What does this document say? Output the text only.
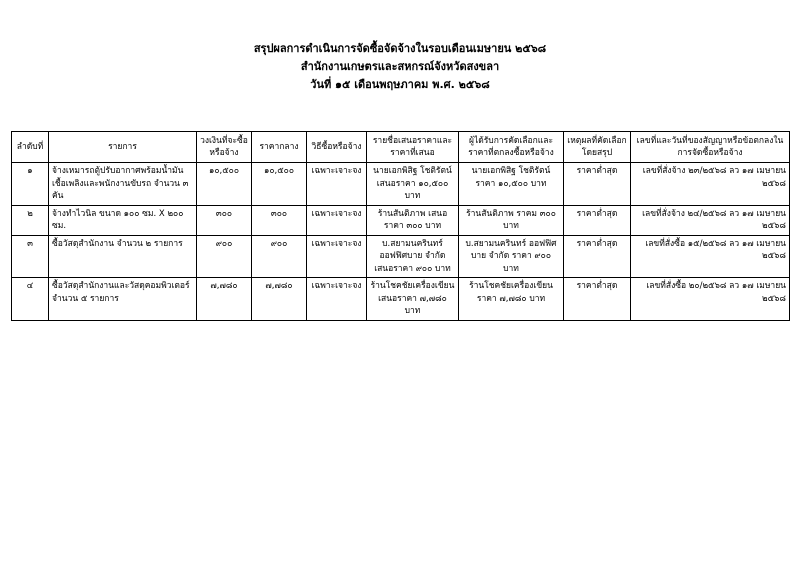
สรุปผลการดำเนินการจัดซื้อจัดจ้างในรอบเดือนเมษายน ๒๕๖๘
สำนักงานเกษตรและสหกรณ์จังหวัดสงขลา
วันที่ ๑๕ เดือนพฤษภาคม พ.ศ. ๒๕๖๘
ลำดับที่	รายการ	วงเงินที่จะซื้อหรือจ้าง	ราคากลาง	วิธีซื้อหรือจ้าง	รายชื่อเสนอราคาและราคาที่เสนอ	ผู้ได้รับการคัดเลือกและราคาที่ตกลงซื้อหรือจ้าง	เหตุผลที่คัดเลือกโดยสรุป	เลขที่และวันที่ของสัญญาหรือข้อตกลงในการจัดซื้อหรือจ้าง
๑	จ้างเหมารถตู้ปรับอากาศพร้อมน้ำมันเชื้อเพลิงและพนักงานขับรถ จำนวน ๓ คัน	๑๐,๕๐๐	๑๐,๕๐๐	เฉพาะเจาะจง	นายเอกพิสิฐ โชติรัตน์ เสนอราคา ๑๐,๕๐๐ บาท	นายเอกพิสิฐ โชติรัตน์ ราคา ๑๐,๕๐๐ บาท	ราคาต่ำสุด	เลขที่สั่งจ้าง ๒๓/๒๕๖๘ ลว ๑๗ เมษายน ๒๕๖๘
๒	จ้างทำไวนิล ขนาด ๑๐๐ ซม. X ๒๐๐ ซม.	๓๐๐	๓๐๐	เฉพาะเจาะจง	ร้านสันติภาพ เสนอราคา ๓๐๐ บาท	ร้านสันติภาพ ราคม ๓๐๐ บาท	ราคาต่ำสุด	เลขที่สั่งจ้าง ๒๔/๒๕๖๘ ลว ๑๗ เมษายน ๒๕๖๘
๓	ซื้อวัสดุสำนักงาน จำนวน ๒ รายการ	๙๐๐	๙๐๐	เฉพาะเจาะจง	บ.สยามนครินทร์ ออฟฟิศบาย จำกัด เสนอราคา ๙๐๐ บาท	บ.สยามนครินทร์ ออฟฟิศบาย จำกัด ราคา ๙๐๐ บาท	ราคาต่ำสุด	เลขที่สั่งซื้อ ๑๕/๒๕๖๘ ลว ๑๗ เมษายน ๒๕๖๘
๔	ซื้อวัสดุสำนักงานและวัสดุคอมพิวเตอร์ จำนวน ๕ รายการ	๗,๗๘๐	๗,๗๘๐	เฉพาะเจาะจง	ร้านโชคชัยเครื่องเขียน เสนอราคา ๗,๗๘๐ บาท	ร้านโชคชัยเครื่องเขียน ราคา ๗,๗๘๐ บาท	ราคาต่ำสุด	เลขที่สั่งซื้อ ๒๐/๒๕๖๘ ลว ๑๗ เมษายน ๒๕๖๘
